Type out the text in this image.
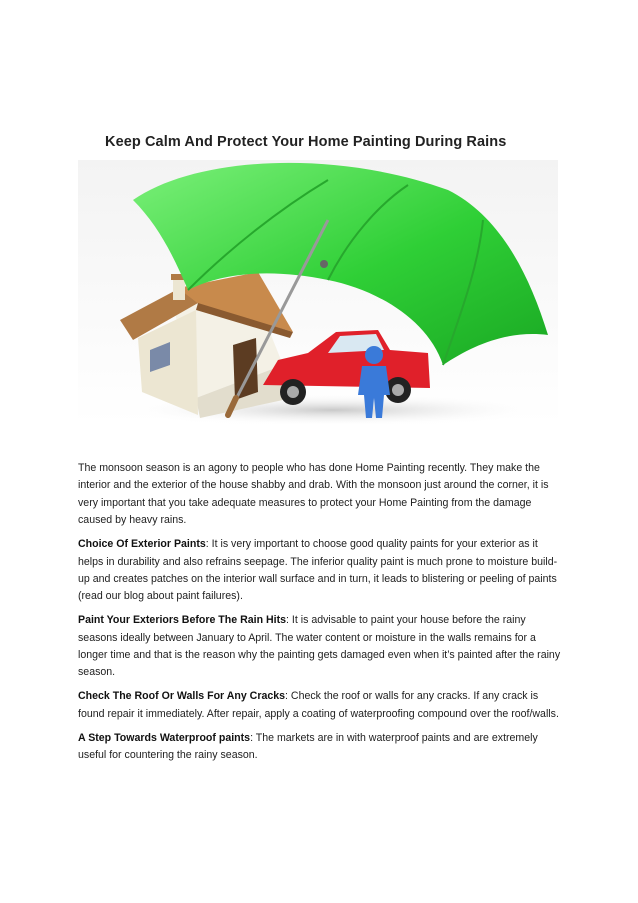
Keep Calm And Protect Your Home Painting During Rains

The monsoon season is an agony to people who has done Home Painting recently. They make the interior and the exterior of the house shabby and drab. With the monsoon just around the corner, it is very important that you take adequate measures to protect your Home Painting from the damage caused by heavy rains.

Choice Of Exterior Paints: It is very important to choose good quality paints for your exterior as it helps in durability and also refrains seepage. The inferior quality paint is much prone to moisture build-up and creates patches on the interior wall surface and in turn, it leads to blistering or peeling of paints (read our blog about paint failures).

Paint Your Exteriors Before The Rain Hits: It is advisable to paint your house before the rainy seasons ideally between January to April. The water content or moisture in the walls remains for a longer time and that is the reason why the painting gets damaged even when it’s painted after the rainy season.

Check The Roof Or Walls For Any Cracks: Check the roof or walls for any cracks. If any crack is found repair it immediately. After repair, apply a coating of waterproofing compound over the roof/walls.

A Step Towards Waterproof paints: The markets are in with waterproof paints and are extremely useful for countering the rainy season.
